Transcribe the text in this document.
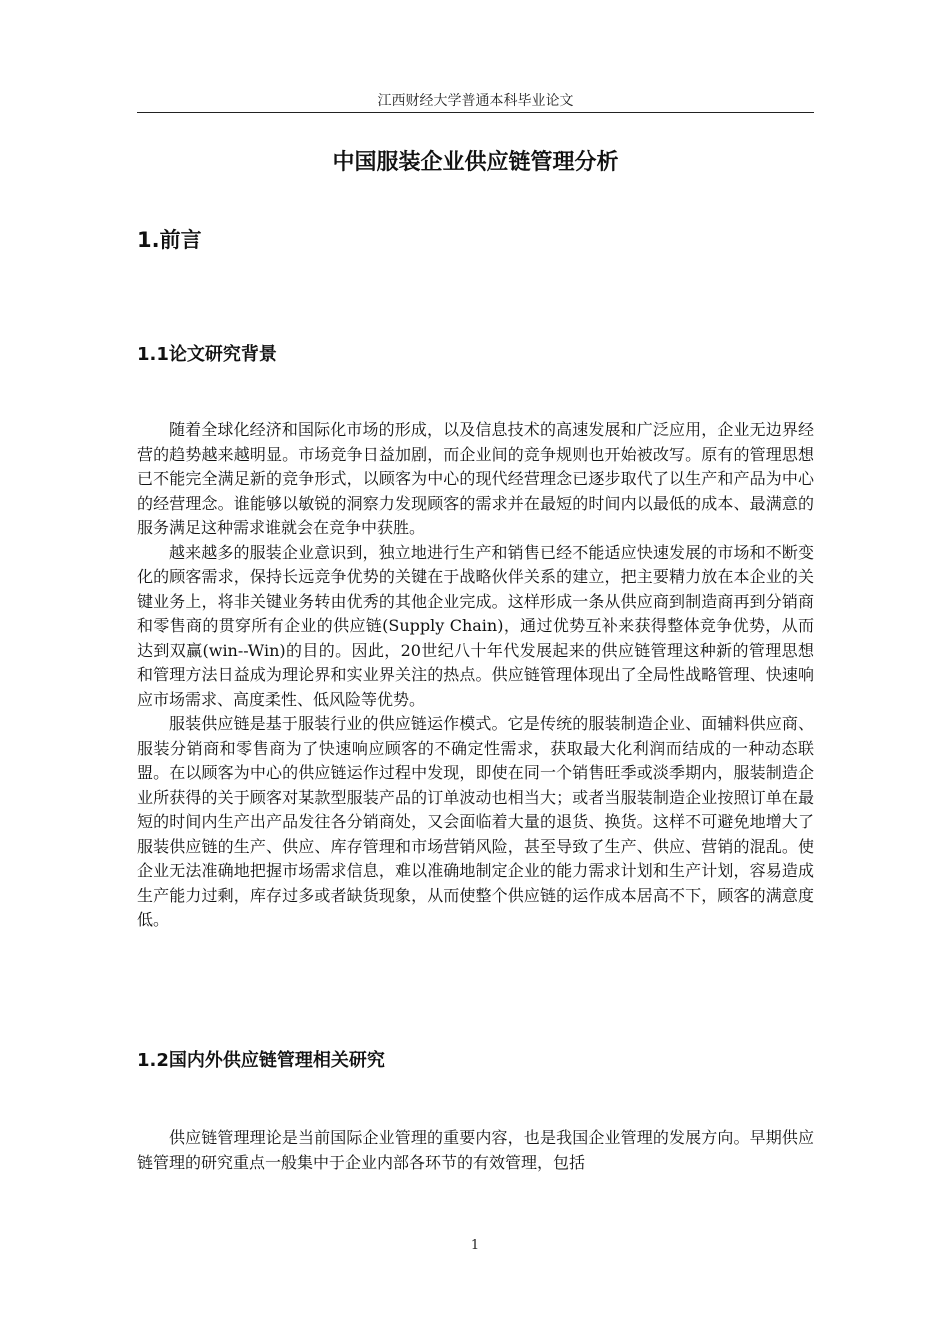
江西财经大学普通本科毕业论文
中国服装企业供应链管理分析
1.前言
1.1论文研究背景

随着全球化经济和国际化市场的形成，以及信息技术的高速发展和广泛应用，企业无边界经营的趋势越来越明显。市场竞争日益加剧，而企业间的竞争规则也开始被改写。原有的管理思想已不能完全满足新的竞争形式，以顾客为中心的现代经营理念已逐步取代了以生产和产品为中心的经营理念。谁能够以敏锐的洞察力发现顾客的需求并在最短的时间内以最低的成本、最满意的服务满足这种需求谁就会在竞争中获胜。

越来越多的服装企业意识到，独立地进行生产和销售已经不能适应快速发展的市场和不断变化的顾客需求，保持长远竞争优势的关键在于战略伙伴关系的建立，把主要精力放在本企业的关键业务上，将非关键业务转由优秀的其他企业完成。这样形成一条从供应商到制造商再到分销商和零售商的贯穿所有企业的供应链(Supply Chain)，通过优势互补来获得整体竞争优势，从而达到双赢(win--Win)的目的。因此，20世纪八十年代发展起来的供应链管理这种新的管理思想和管理方法日益成为理论界和实业界关注的热点。供应链管理体现出了全局性战略管理、快速响应市场需求、高度柔性、低风险等优势。

服装供应链是基于服装行业的供应链运作模式。它是传统的服装制造企业、面辅料供应商、服装分销商和零售商为了快速响应顾客的不确定性需求，获取最大化利润而结成的一种动态联盟。在以顾客为中心的供应链运作过程中发现，即使在同一个销售旺季或淡季期内，服装制造企业所获得的关于顾客对某款型服装产品的订单波动也相当大；或者当服装制造企业按照订单在最短的时间内生产出产品发往各分销商处，又会面临着大量的退货、换货。这样不可避免地增大了服装供应链的生产、供应、库存管理和市场营销风险，甚至导致了生产、供应、营销的混乱。使企业无法准确地把握市场需求信息，难以准确地制定企业的能力需求计划和生产计划，容易造成生产能力过剩，库存过多或者缺货现象，从而使整个供应链的运作成本居高不下，顾客的满意度低。

1.2国内外供应链管理相关研究

供应链管理理论是当前国际企业管理的重要内容，也是我国企业管理的发展方向。早期供应链管理的研究重点一般集中于企业内部各环节的有效管理，包括

1
